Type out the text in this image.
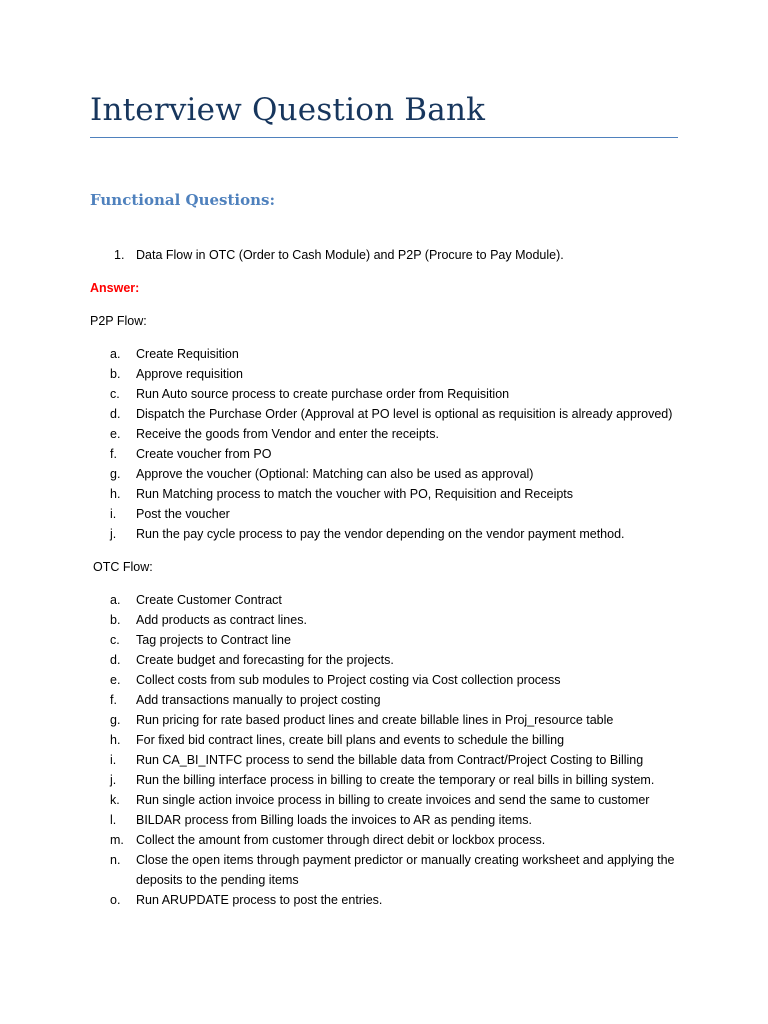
Interview Question Bank
Functional Questions:
1. Data Flow in OTC (Order to Cash Module) and P2P (Procure to Pay Module).
Answer:
P2P Flow:
a. Create Requisition
b. Approve requisition
c. Run Auto source process to create purchase order from Requisition
d. Dispatch the Purchase Order (Approval at PO level is optional as requisition is already approved)
e. Receive the goods from Vendor and enter the receipts.
f. Create voucher from PO
g. Approve the voucher (Optional: Matching can also be used as approval)
h. Run Matching process to match the voucher with PO, Requisition and Receipts
i. Post the voucher
j. Run the pay cycle process to pay the vendor depending on the vendor payment method.
OTC Flow:
a. Create Customer Contract
b. Add products as contract lines.
c. Tag projects to Contract line
d. Create budget and forecasting for the projects.
e. Collect costs from sub modules to Project costing via Cost collection process
f. Add transactions manually to project costing
g. Run pricing for rate based product lines and create billable lines in Proj_resource table
h. For fixed bid contract lines, create bill plans and events to schedule the billing
i. Run CA_BI_INTFC process to send the billable data from Contract/Project Costing to Billing
j. Run the billing interface process in billing to create the temporary or real bills in billing system.
k. Run single action invoice process in billing to create invoices and send the same to customer
l. BILDAR process from Billing loads the invoices to AR as pending items.
m. Collect the amount from customer through direct debit or lockbox process.
n. Close the open items through payment predictor or manually creating worksheet and applying the deposits to the pending items
o. Run ARUPDATE process to post the entries.
